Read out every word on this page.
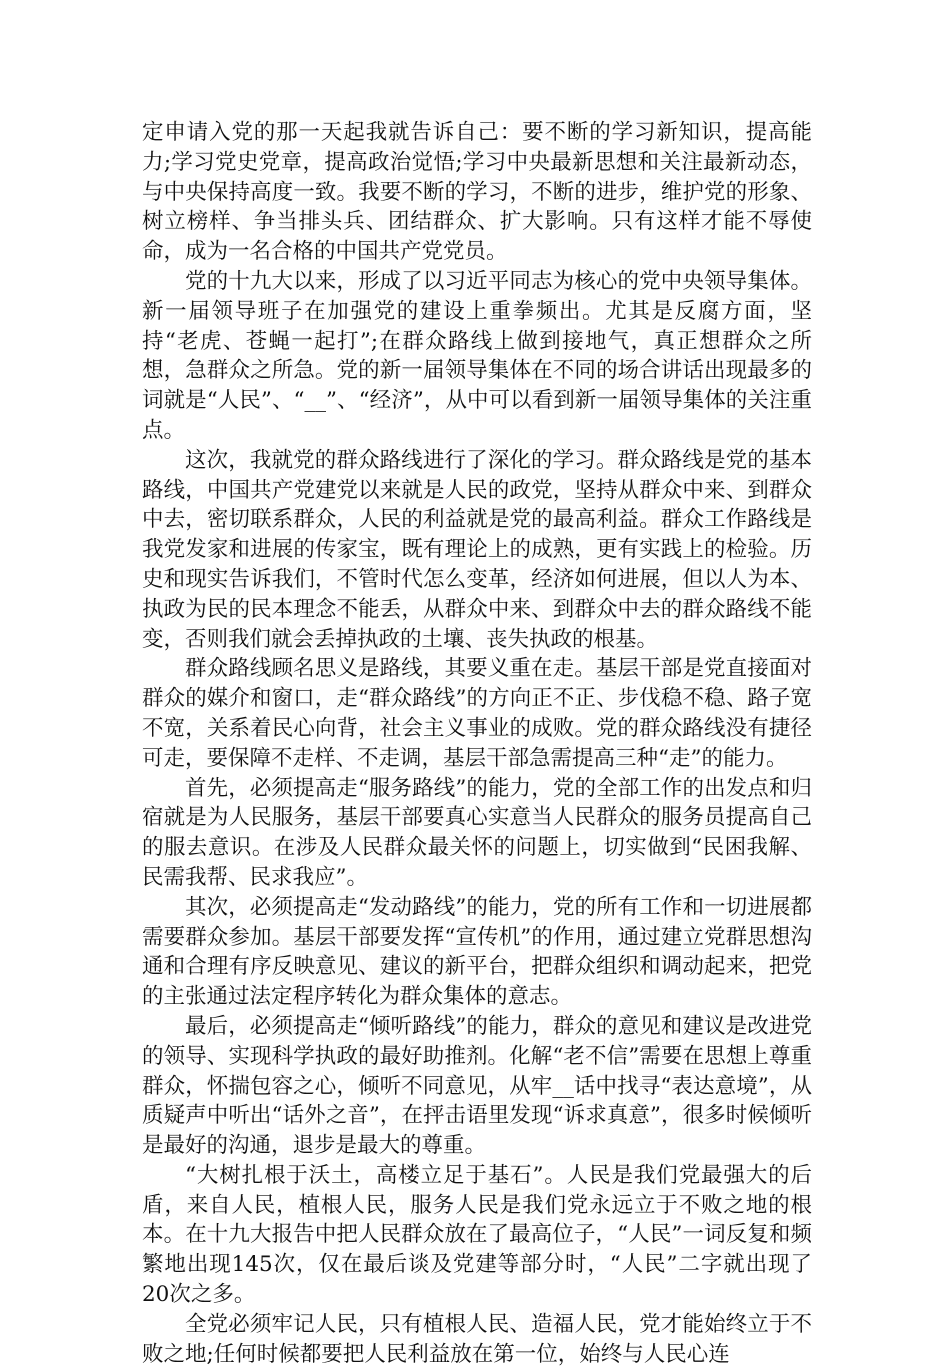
定申请入党的那一天起我就告诉自己：要不断的学习新知识，提高能力;学习党史党章，提高政治觉悟;学习中央最新思想和关注最新动态，与中央保持高度一致。我要不断的学习，不断的进步，维护党的形象、树立榜样、争当排头兵、团结群众、扩大影响。只有这样才能不辱使命，成为一名合格的中国共产党党员。

党的十九大以来，形成了以习近平同志为核心的党中央领导集体。新一届领导班子在加强党的建设上重拳频出。尤其是反腐方面，坚持“老虎、苍蝇一起打”;在群众路线上做到接地气，真正想群众之所想，急群众之所急。党的新一届领导集体在不同的场合讲话出现最多的词就是“人民”、“__”、“经济”，从中可以看到新一届领导集体的关注重点。

这次，我就党的群众路线进行了深化的学习。群众路线是党的基本路线，中国共产党建党以来就是人民的政党，坚持从群众中来、到群众中去，密切联系群众，人民的利益就是党的最高利益。群众工作路线是我党发家和进展的传家宝，既有理论上的成熟，更有实践上的检验。历史和现实告诉我们，不管时代怎么变革，经济如何进展，但以人为本、执政为民的民本理念不能丢，从群众中来、到群众中去的群众路线不能变，否则我们就会丢掉执政的土壤、丧失执政的根基。

群众路线顾名思义是路线，其要义重在走。基层干部是党直接面对群众的媒介和窗口，走“群众路线”的方向正不正、步伐稳不稳、路子宽不宽，关系着民心向背，社会主义事业的成败。党的群众路线没有捷径可走，要保障不走样、不走调，基层干部急需提高三种“走”的能力。

首先，必须提高走“服务路线”的能力，党的全部工作的出发点和归宿就是为人民服务，基层干部要真心实意当人民群众的服务员提高自己的服去意识。在涉及人民群众最关怀的问题上，切实做到“民困我解、民需我帮、民求我应”。

其次，必须提高走“发动路线”的能力，党的所有工作和一切进展都需要群众参加。基层干部要发挥“宣传机”的作用，通过建立党群思想沟通和合理有序反映意见、建议的新平台，把群众组织和调动起来，把党的主张通过法定程序转化为群众集体的意志。

最后，必须提高走“倾听路线”的能力，群众的意见和建议是改进党的领导、实现科学执政的最好助推剂。化解“老不信”需要在思想上尊重群众，怀揣包容之心，倾听不同意见，从牢__话中找寻“表达意境”，从质疑声中听出“话外之音”，在抨击语里发现“诉求真意”，很多时候倾听是最好的沟通，退步是最大的尊重。

“大树扎根于沃土，高楼立足于基石”。人民是我们党最强大的后盾，来自人民，植根人民，服务人民是我们党永远立于不败之地的根本。在十九大报告中把人民群众放在了最高位子，“人民”一词反复和频繁地出现145次，仅在最后谈及党建等部分时，“人民”二字就出现了20次之多。

全党必须牢记人民，只有植根人民、造福人民，党才能始终立于不败之地;任何时候都要把人民利益放在第一位，始终与人民心连
